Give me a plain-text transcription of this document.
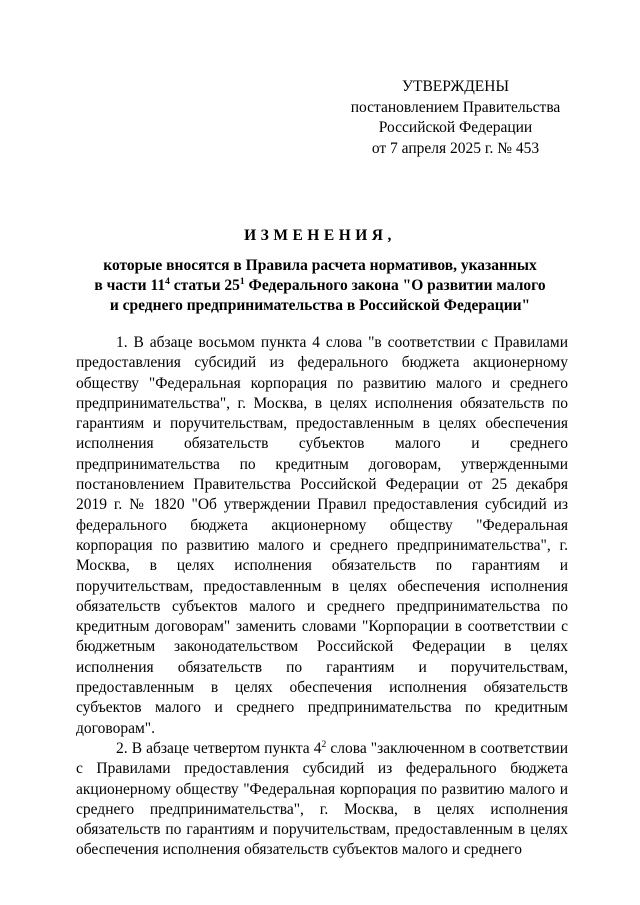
УТВЕРЖДЕНЫ
постановлением Правительства
Российской Федерации
от 7 апреля 2025 г. № 453
ИЗМЕНЕНИЯ,
которые вносятся в Правила расчета нормативов, указанных
в части $11^4$ статьи $25^1$ Федерального закона "О развитии малого
и среднего предпринимательства в Российской Федерации"

1. В абзаце восьмом пункта 4 слова "в соответствии с Правилами предоставления субсидий из федерального бюджета акционерному обществу "Федеральная корпорация по развитию малого и среднего предпринимательства", г. Москва, в целях исполнения обязательств по гарантиям и поручительствам, предоставленным в целях обеспечения исполнения обязательств субъектов малого и среднего предпринимательства по кредитным договорам, утвержденными постановлением Правительства Российской Федерации от 25 декабря 2019 г. № 1820 "Об утверждении Правил предоставления субсидий из федерального бюджета акционерному обществу "Федеральная корпорация по развитию малого и среднего предпринимательства", г. Москва, в целях исполнения обязательств по гарантиям и поручительствам, предоставленным в целях обеспечения исполнения обязательств субъектов малого и среднего предпринимательства по кредитным договорам" заменить словами "Корпорации в соответствии с бюджетным законодательством Российской Федерации в целях исполнения обязательств по гарантиям и поручительствам, предоставленным в целях обеспечения исполнения обязательств субъектов малого и среднего предпринимательства по кредитным договорам".

2. В абзаце четвертом пункта $4^2$ слова "заключенном в соответствии с Правилами предоставления субсидий из федерального бюджета акционерному обществу "Федеральная корпорация по развитию малого и среднего предпринимательства", г. Москва, в целях исполнения обязательств по гарантиям и поручительствам, предоставленным в целях обеспечения исполнения обязательств субъектов малого и среднего
